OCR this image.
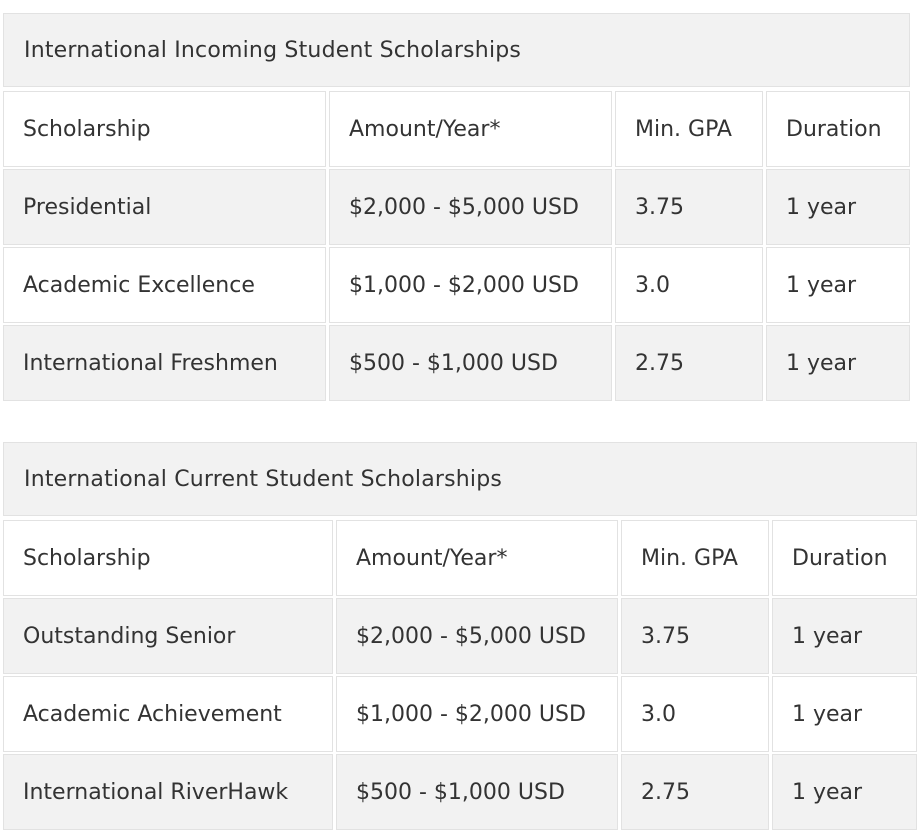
International Incoming Student Scholarships
Scholarship	Amount/Year*	Min. GPA	Duration
Presidential	$2,000 - $5,000 USD	3.75	1 year
Academic Excellence	$1,000 - $2,000 USD	3.0	1 year
International Freshmen	$500 - $1,000 USD	2.75	1 year
International Current Student Scholarships
Scholarship	Amount/Year*	Min. GPA	Duration
Outstanding Senior	$2,000 - $5,000 USD	3.75	1 year
Academic Achievement	$1,000 - $2,000 USD	3.0	1 year
International RiverHawk	$500 - $1,000 USD	2.75	1 year
